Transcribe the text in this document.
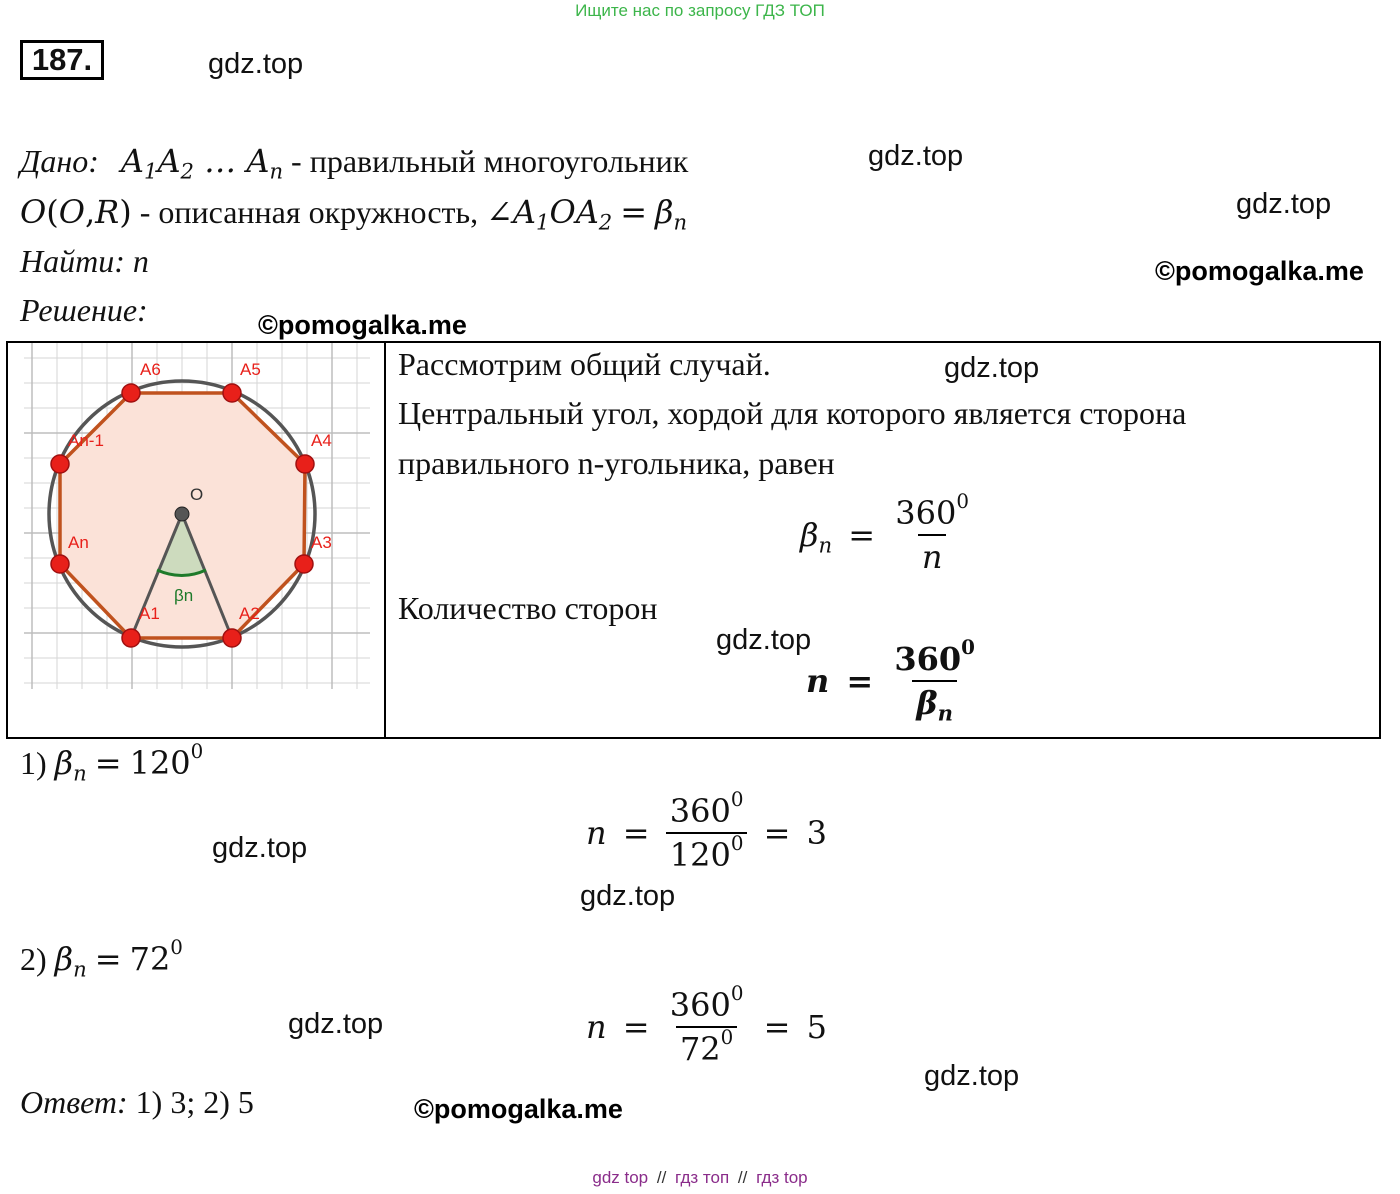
Ищите нас по запросу ГДЗ ТОП
187.	gdz.top
gdz.top
gdz.top
©pomogalka.me
©pomogalka.me
Дано: $A_1A_2$ … $A_n$ - правильный многоугольник
O(O,R) - описанная окружность, $\angle A_1OA_2 = \beta_n$
Найти: n
Решение:
O
A1	A2
A3
A4
A5
A6
An-1
An
βn
Рассмотрим общий случай.	gdz.top
Центральный угол, хордой для которого является сторона
правильного n-угольника, равен
$\beta_n = \frac{360^0}{n}$
Количество сторон
gdz.top
$n = \frac{360^0}{\beta_n}$
1) $\beta_n = 120^0$
gdz.top	$n = \frac{360^0}{120^0} = 3$
gdz.top
2) $\beta_n = 72^0$
gdz.top	$n = \frac{360^0}{72^0} = 5$
gdz.top
Ответ: 1) 3; 2) 5	©pomogalka.me
gdz top // гдз топ // гдз top
